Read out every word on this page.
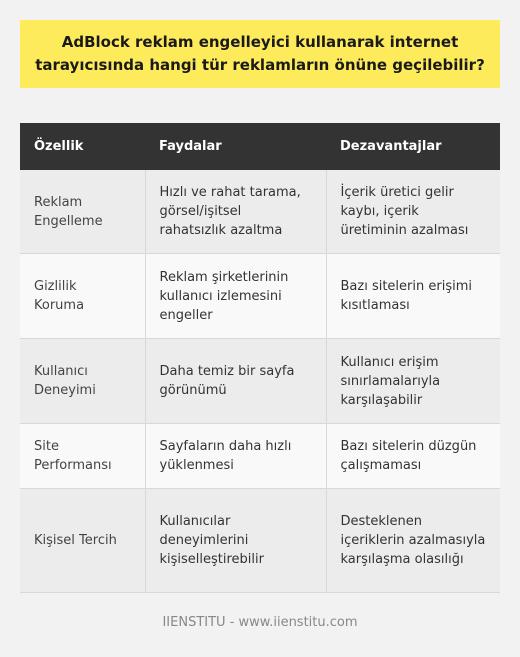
AdBlock reklam engelleyici kullanarak internet tarayıcısında hangi tür reklamların önüne geçilebilir?
Özellik	Faydalar	Dezavantajlar
Reklam Engelleme	Hızlı ve rahat tarama, görsel/işitsel rahatsızlık azaltma	İçerik üretici gelir kaybı, içerik üretiminin azalması
Gizlilik Koruma	Reklam şirketlerinin kullanıcı izlemesini engeller	Bazı sitelerin erişimi kısıtlaması
Kullanıcı Deneyimi	Daha temiz bir sayfa görünümü	Kullanıcı erişim sınırlamalarıyla karşılaşabilir
Site Performansı	Sayfaların daha hızlı yüklenmesi	Bazı sitelerin düzgün çalışmaması
Kişisel Tercih	Kullanıcılar deneyimlerini kişiselleştirebilir	Desteklenen içeriklerin azalmasıyla karşılaşma olasılığı
IIENSTITU - www.iienstitu.com
